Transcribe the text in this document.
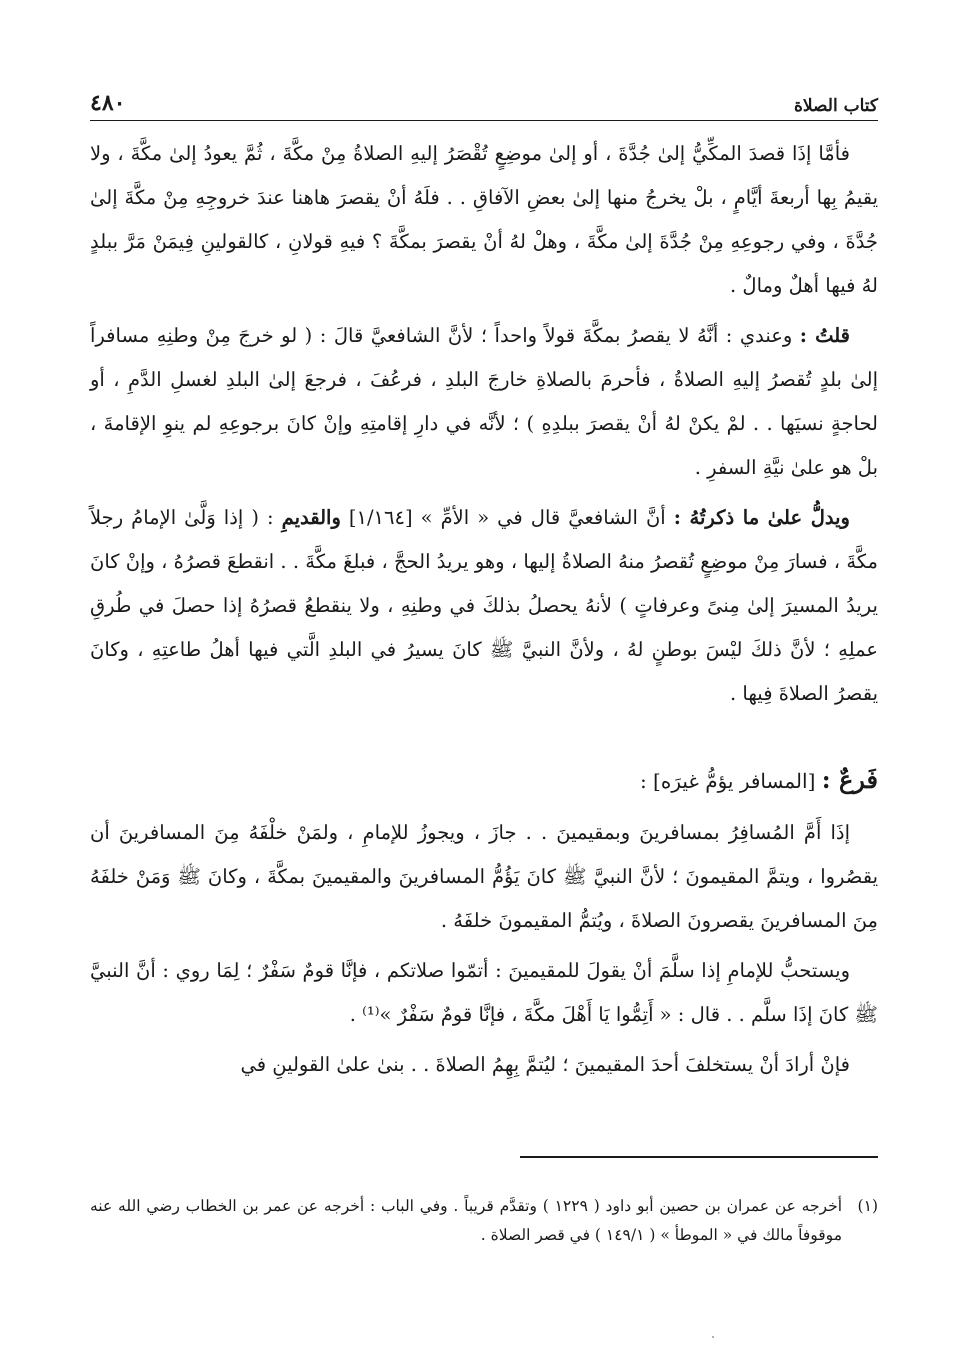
كتاب الصلاة
٤٨٠

فأمَّا إذَا قصدَ المكِّيُّ إلىٰ جُدَّةَ ، أو إلىٰ موضِعٍ تُقْصَرُ إليهِ الصلاةُ مِنْ مكَّةَ ، ثُمَّ يعودُ إلىٰ مكَّةَ ، ولا يقيمُ بِها أربعةَ أيَّامٍ ، بلْ يخرجُ منها إلىٰ بعضِ الآفاقِ . . فلَهُ أنْ يقصرَ هاهنا عندَ خروجِهِ مِنْ مكَّةَ إلىٰ جُدَّةَ ، وفي رجوعِهِ مِنْ جُدَّةَ إلىٰ مكَّةَ ، وهلْ لهُ أنْ يقصرَ بمكَّةَ ؟ فيهِ قولانِ ، كالقولينِ فِيمَنْ مَرَّ ببلدٍ لهُ فيها أهلٌ ومالٌ .

قلتُ : وعندي : أنَّهُ لا يقصرُ بمكَّةَ قولاً واحداً ؛ لأنَّ الشافعيَّ قالَ : ( لو خرجَ مِنْ وطنِهِ مسافراً إلىٰ بلدٍ تُقصرُ إليهِ الصلاةُ ، فأحرمَ بالصلاةِ خارجَ البلدِ ، فرعُفَ ، فرجعَ إلىٰ البلدِ لغسلِ الدَّمِ ، أو لحاجةٍ نسيَها . . لمْ يكنْ لهُ أنْ يقصرَ ببلدِهِ ) ؛ لأنَّه في دارِ إقامتِهِ وإنْ كانَ برجوعِهِ لم ينوِ الإقامةَ ، بلْ هو علىٰ نيَّةِ السفرِ .

ويدلُّ علىٰ ما ذكرتُهُ : أنَّ الشافعيَّ قال في « الأمِّ » [١/١٦٤] والقديمِ : ( إذا وَلَّىٰ الإمامُ رجلاً مكَّةَ ، فسارَ مِنْ موضِعٍ تُقصرُ منهُ الصلاةُ إليها ، وهو يريدُ الحجَّ ، فبلغَ مكَّةَ . . انقطعَ قصرُهُ ، وإنْ كانَ يريدُ المسيرَ إلىٰ مِنىً وعرفاتٍ ) لأنهُ يحصلُ بذلكَ في وطنِهِ ، ولا ينقطعُ قصرُهُ إذا حصلَ في طُرقِ عملِهِ ؛ لأنَّ ذلكَ ليْسَ بوطنٍ لهُ ، ولأنَّ النبيَّ ﷺ كانَ يسيرُ في البلدِ الَّتي فيها أهلُ طاعتِهِ ، وكانَ يقصرُ الصلاةَ فِيها .

فَرعٌ : [المسافر يؤمُّ غيرَه] :

إذَا أَمَّ المُسافِرُ بمسافرينَ وبمقيمينَ . . جازَ ، ويجوزُ للإمامِ ، ولمَنْ خلْفَهُ مِنَ المسافرينَ أن يقصُروا ، ويتمَّ المقيمونَ ؛ لأنَّ النبيَّ ﷺ كانَ يَؤُمُّ المسافرينَ والمقيمينَ بمكَّةَ ، وكانَ ﷺ وَمَنْ خلفَهُ مِنَ المسافرينَ يقصرونَ الصلاةَ ، ويُتمُّ المقيمونَ خلفَهُ .

ويستحبُّ للإمامِ إذا سلَّمَ أنْ يقولَ للمقيمينَ : أتمّوا صلاتكم ، فإنَّا قومٌ سَفْرٌ ؛ لِمَا روي : أنَّ النبيَّ ﷺ كانَ إذَا سلَّم . . قال : « أَتِمُّوا يَا أَهْلَ مكَّةَ ، فإنَّا قومٌ سَفْرٌ »⁽¹⁾ .

فإنْ أرادَ أنْ يستخلفَ أحدَ المقيمينَ ؛ ليُتمَّ بِهِمُ الصلاةَ . . بنىٰ علىٰ القولينِ في

(١)
أخرجه عن عمران بن حصين أبو داود ( ١٢٢٩ ) وتقدَّم قريباً . وفي الباب : أخرجه عن عمر بن الخطاب رضي الله عنه موقوفاً مالك في « الموطأ » ( ١٤٩/١ ) في قصر الصلاة .
